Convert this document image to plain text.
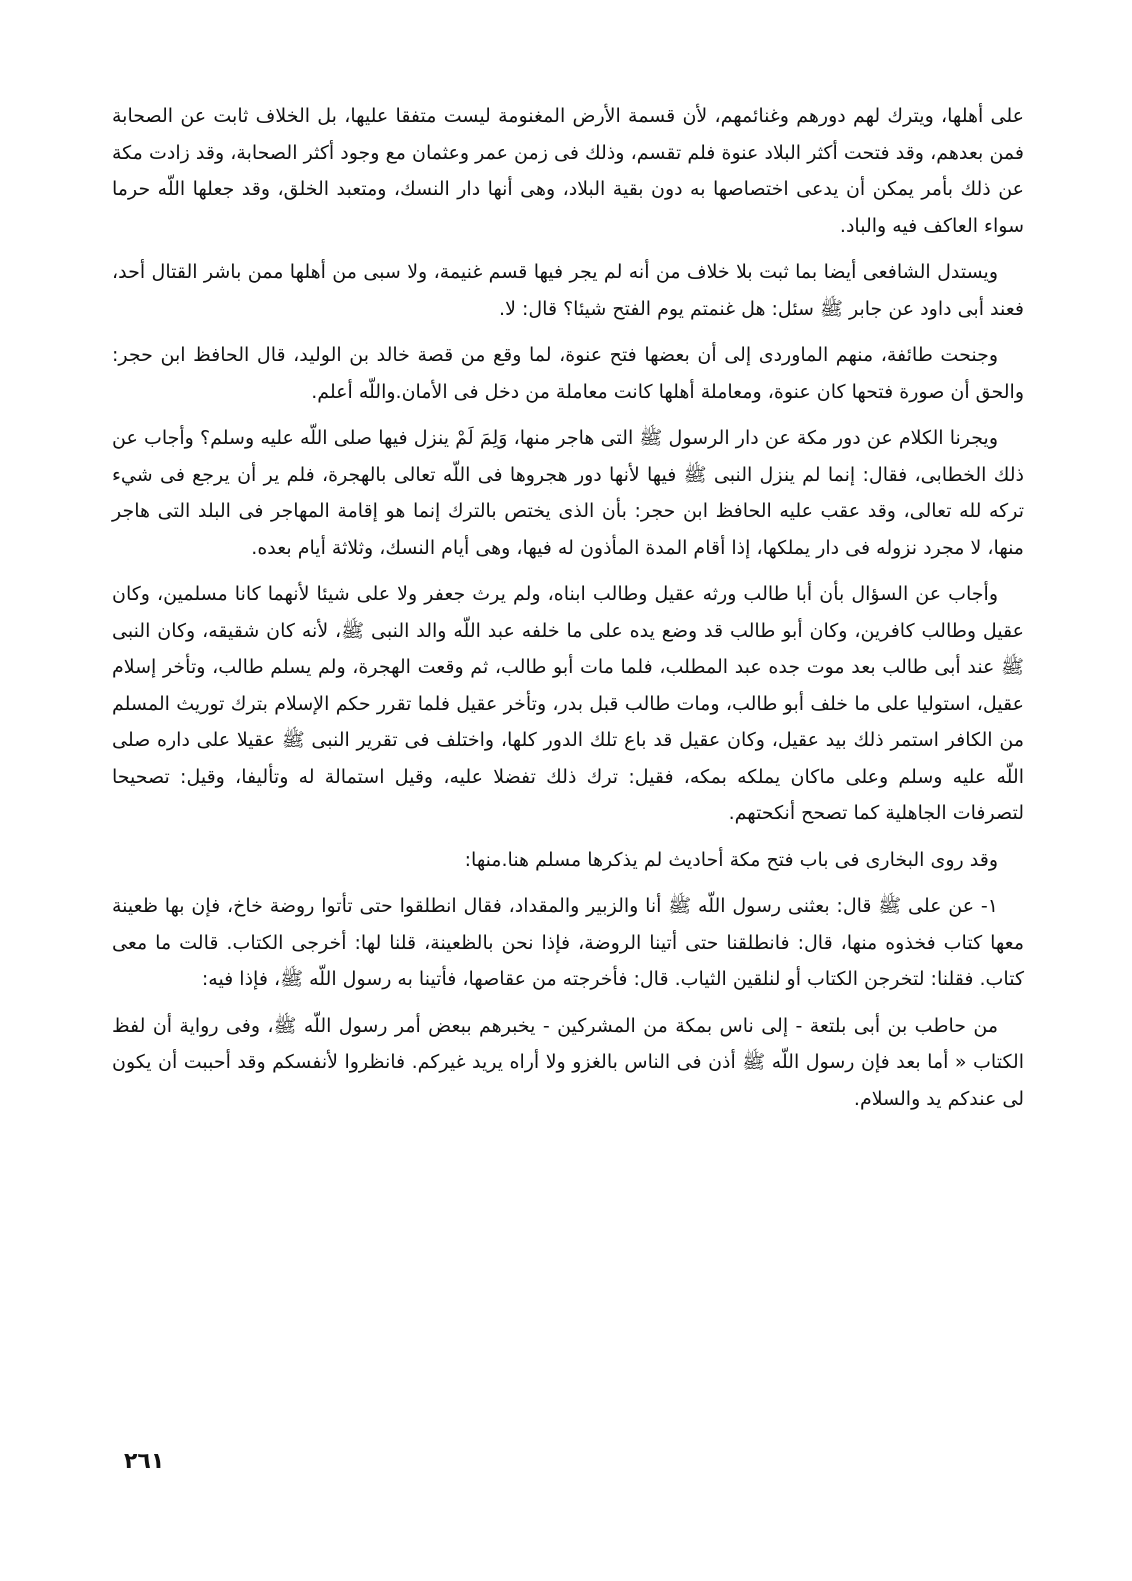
على أهلها، ويترك لهم دورهم وغنائمهم، لأن قسمة الأرض المغنومة ليست متفقا عليها، بل الخلاف ثابت عن الصحابة فمن بعدهم، وقد فتحت أكثر البلاد عنوة فلم تقسم، وذلك فى زمن عمر وعثمان مع وجود أكثر الصحابة، وقد زادت مكة عن ذلك بأمر يمكن أن يدعى اختصاصها به دون بقية البلاد، وهى أنها دار النسك، ومتعبد الخلق، وقد جعلها اللّه حرما سواء العاكف فيه والباد.

ويستدل الشافعى أيضا بما ثبت بلا خلاف من أنه لم يجر فيها قسم غنيمة، ولا سبى من أهلها ممن باشر القتال أحد، فعند أبى داود عن جابر ﷺ سئل: هل غنمتم يوم الفتح شيئا؟ قال: لا.

وجنحت طائفة، منهم الماوردى إلى أن بعضها فتح عنوة، لما وقع من قصة خالد بن الوليد، قال الحافظ ابن حجر: والحق أن صورة فتحها كان عنوة، ومعاملة أهلها كانت معاملة من دخل فى الأمان.واللّه أعلم.

ويجرنا الكلام عن دور مكة عن دار الرسول ﷺ التى هاجر منها، وَلِمَ لَمْ ينزل فيها صلى اللّه عليه وسلم؟ وأجاب عن ذلك الخطابى، فقال: إنما لم ينزل النبى ﷺ فيها لأنها دور هجروها فى اللّه تعالى بالهجرة، فلم ير أن يرجع فى شيء تركه لله تعالى، وقد عقب عليه الحافظ ابن حجر: بأن الذى يختص بالترك إنما هو إقامة المهاجر فى البلد التى هاجر منها، لا مجرد نزوله فى دار يملكها، إذا أقام المدة المأذون له فيها، وهى أيام النسك، وثلاثة أيام بعده.

وأجاب عن السؤال بأن أبا طالب ورثه عقيل وطالب ابناه، ولم يرث جعفر ولا على شيئا لأنهما كانا مسلمين، وكان عقيل وطالب كافرين، وكان أبو طالب قد وضع يده على ما خلفه عبد اللّه والد النبى ﷺ، لأنه كان شقيقه، وكان النبى ﷺ عند أبى طالب بعد موت جده عبد المطلب، فلما مات أبو طالب، ثم وقعت الهجرة، ولم يسلم طالب، وتأخر إسلام عقيل، استوليا على ما خلف أبو طالب، ومات طالب قبل بدر، وتأخر عقيل فلما تقرر حكم الإسلام بترك توريث المسلم من الكافر استمر ذلك بيد عقيل، وكان عقيل قد باع تلك الدور كلها، واختلف فى تقرير النبى ﷺ عقيلا على داره صلى اللّه عليه وسلم وعلى ماكان يملكه بمكه، فقيل: ترك ذلك تفضلا عليه، وقيل استمالة له وتأليفا، وقيل: تصحيحا لتصرفات الجاهلية كما تصحح أنكحتهم.

وقد روى البخارى فى باب فتح مكة أحاديث لم يذكرها مسلم هنا.منها:

١- عن على ﷺ قال: بعثنى رسول اللّه ﷺ أنا والزبير والمقداد، فقال انطلقوا حتى تأتوا روضة خاخ، فإن بها ظعينة معها كتاب فخذوه منها، قال: فانطلقنا حتى أتينا الروضة، فإذا نحن بالظعينة، قلنا لها: أخرجى الكتاب. قالت ما معى كتاب. فقلنا: لتخرجن الكتاب أو لنلقين الثياب. قال: فأخرجته من عقاصها، فأتينا به رسول اللّه ﷺ، فإذا فيه:

من حاطب بن أبى بلتعة - إلى ناس بمكة من المشركين - يخبرهم ببعض أمر رسول اللّه ﷺ، وفى رواية أن لفظ الكتاب « أما بعد فإن رسول اللّه ﷺ أذن فى الناس بالغزو ولا أراه يريد غيركم. فانظروا لأنفسكم وقد أحببت أن يكون لى عندكم يد والسلام.

٢٦١
